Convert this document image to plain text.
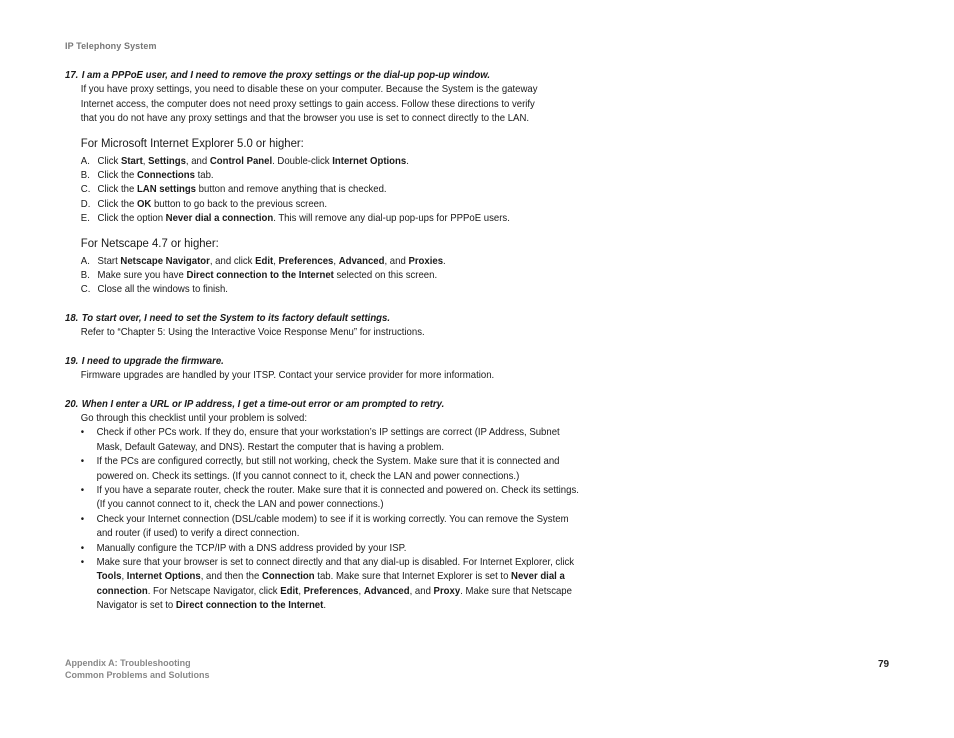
IP Telephony System
17. I am a PPPoE user, and I need to remove the proxy settings or the dial-up pop-up window.
If you have proxy settings, you need to disable these on your computer. Because the System is the gateway
Internet access, the computer does not need proxy settings to gain access. Follow these directions to verify
that you do not have any proxy settings and that the browser you use is set to connect directly to the LAN.
For Microsoft Internet Explorer 5.0 or higher:
A. Click Start, Settings, and Control Panel. Double-click Internet Options.
B. Click the Connections tab.
C. Click the LAN settings button and remove anything that is checked.
D. Click the OK button to go back to the previous screen.
E. Click the option Never dial a connection. This will remove any dial-up pop-ups for PPPoE users.
For Netscape 4.7 or higher:
A. Start Netscape Navigator, and click Edit, Preferences, Advanced, and Proxies.
B. Make sure you have Direct connection to the Internet selected on this screen.
C. Close all the windows to finish.
18. To start over, I need to set the System to its factory default settings.
Refer to “Chapter 5: Using the Interactive Voice Response Menu” for instructions.
19. I need to upgrade the firmware.
Firmware upgrades are handled by your ITSP. Contact your service provider for more information.
20. When I enter a URL or IP address, I get a time-out error or am prompted to retry.
Go through this checklist until your problem is solved:
•	Check if other PCs work. If they do, ensure that your workstation’s IP settings are correct (IP Address, Subnet Mask, Default Gateway, and DNS). Restart the computer that is having a problem.
•	If the PCs are configured correctly, but still not working, check the System. Make sure that it is connected and powered on. Check its settings. (If you cannot connect to it, check the LAN and power connections.)
•	If you have a separate router, check the router. Make sure that it is connected and powered on. Check its settings. (If you cannot connect to it, check the LAN and power connections.)
•	Check your Internet connection (DSL/cable modem) to see if it is working correctly. You can remove the System and router (if used) to verify a direct connection.
•	Manually configure the TCP/IP with a DNS address provided by your ISP.
•	Make sure that your browser is set to connect directly and that any dial-up is disabled. For Internet Explorer, click Tools, Internet Options, and then the Connection tab. Make sure that Internet Explorer is set to Never dial a connection. For Netscape Navigator, click Edit, Preferences, Advanced, and Proxy. Make sure that Netscape Navigator is set to Direct connection to the Internet.
Appendix A: Troubleshooting
Common Problems and Solutions
79
